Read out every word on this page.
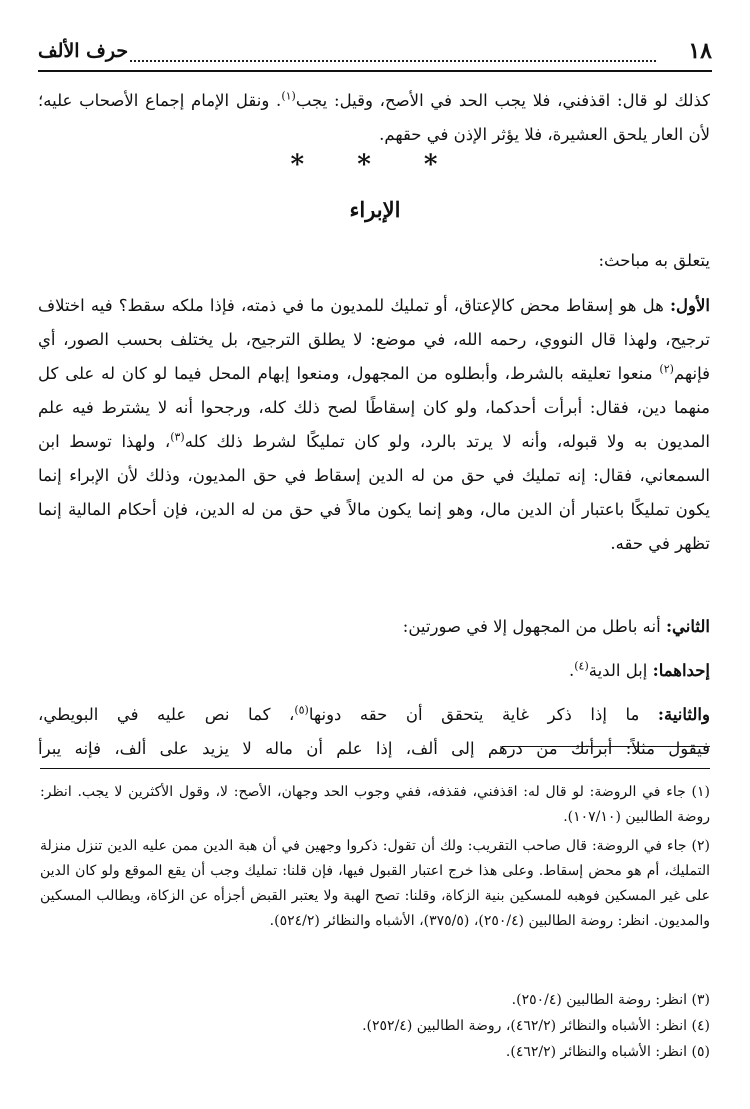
١٨
حرف الألف

كذلك لو قال: اقذفني، فلا يجب الحد في الأصح، وقيل: يجب$^{(١)}$. ونقل الإمام إجماع الأصحاب عليه؛ لأن العار يلحق العشيرة، فلا يؤثر الإذن في حقهم.

* * *
الإبراء

يتعلق به مباحث:

الأول: هل هو إسقاط محض كالإعتاق، أو تمليك للمديون ما في ذمته، فإذا ملكه سقط؟ فيه اختلاف ترجيح، ولهذا قال النووي، رحمه الله، في موضع: لا يطلق الترجيح، بل يختلف بحسب الصور، أي فإنهم$^{(٢)}$ منعوا تعليقه بالشرط، وأبطلوه من المجهول، ومنعوا إبهام المحل فيما لو كان له على كل منهما دين، فقال: أبرأت أحدكما، ولو كان إسقاطًا لصح ذلك كله، ورجحوا أنه لا يشترط فيه علم المديون به ولا قبوله، وأنه لا يرتد بالرد، ولو كان تمليكًا لشرط ذلك كله$^{(٣)}$، ولهذا توسط ابن السمعاني، فقال: إنه تمليك في حق من له الدين إسقاط في حق المديون، وذلك لأن الإبراء إنما يكون تمليكًا باعتبار أن الدين مال، وهو إنما يكون مالاً في حق من له الدين، فإن أحكام المالية إنما تظهر في حقه.

الثاني: أنه باطل من المجهول إلا في صورتين:

إحداهما: إبل الدية$^{(٤)}$.

والثانية: ما إذا ذكر غاية يتحقق أن حقه دونها$^{(٥)}$، كما نص عليه في البويطي،
فيقول مثلاً: أبرأتك من درهم إلى ألف، إذا علم أن ماله لا يزيد على ألف، فإنه يبرأ

(١) جاء في الروضة: لو قال له: اقذفني، فقذفه، ففي وجوب الحد وجهان، الأصح: لا، وقول الأكثرين لا يجب. انظر: روضة الطالبين (١٠٧/١٠).

(٢) جاء في الروضة: قال صاحب التقريب: ولك أن تقول: ذكروا وجهين في أن هبة الدين ممن عليه الدين تنزل منزلة التمليك، أم هو محض إسقاط. وعلى هذا خرج اعتبار القبول فيها، فإن قلنا: تمليك وجب أن يقع الموقع ولو كان الدين على غير المسكين فوهبه للمسكين بنية الزكاة، وقلنا: تصح الهبة ولا يعتبر القبض أجزأه عن الزكاة، ويطالب المسكين والمديون. انظر: روضة الطالبين (٢٥٠/٤)، (٣٧٥/٥)، الأشباه والنظائر (٥٢٤/٢).

(٣) انظر: روضة الطالبين (٢٥٠/٤).

(٤) انظر: الأشباه والنظائر (٤٦٢/٢)، روضة الطالبين (٢٥٢/٤).

(٥) انظر: الأشباه والنظائر (٤٦٢/٢).
